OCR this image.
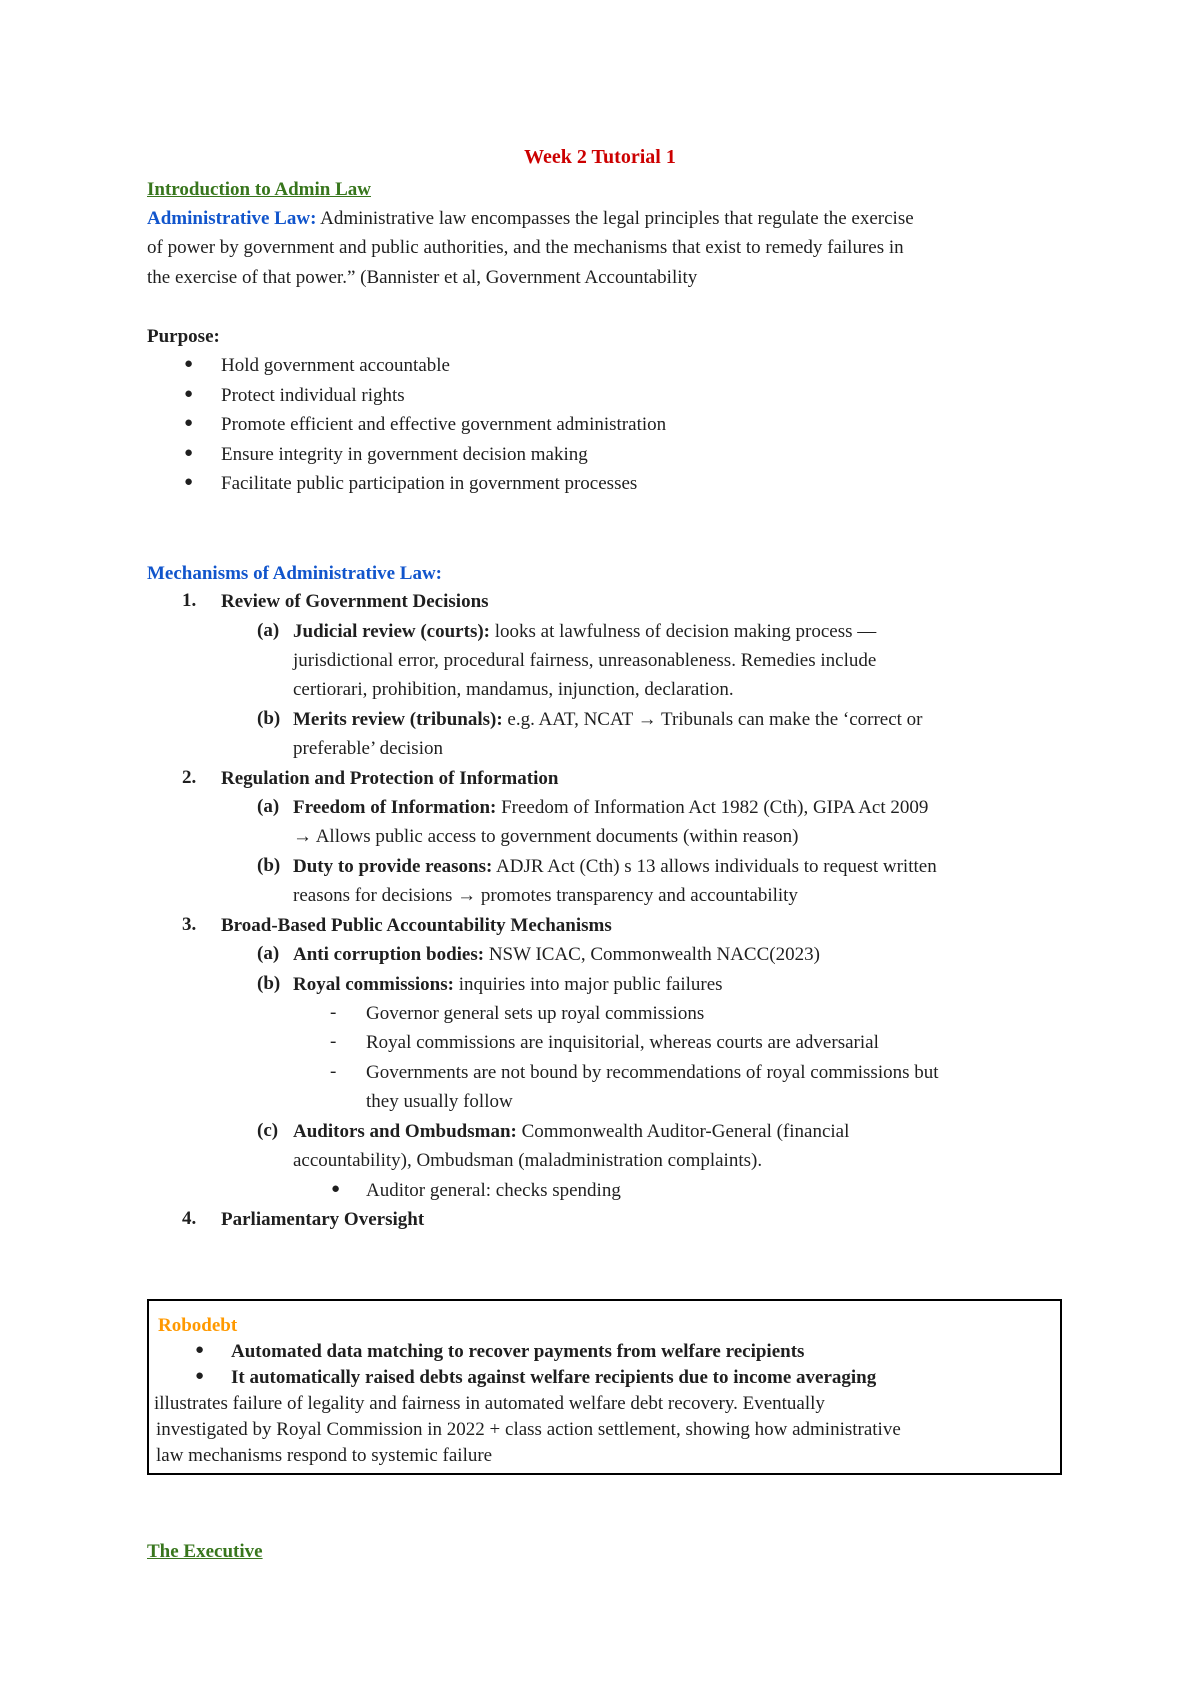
Week 2 Tutorial 1
Introduction to Admin Law
Administrative Law: Administrative law encompasses the legal principles that regulate the exercise
of power by government and public authorities, and the mechanisms that exist to remedy failures in
the exercise of that power.” (Bannister et al, Government Accountability
Purpose:
● Hold government accountable
● Protect individual rights
● Promote efficient and effective government administration
● Ensure integrity in government decision making
● Facilitate public participation in government processes
Mechanisms of Administrative Law:
1. Review of Government Decisions
(a) Judicial review (courts): looks at lawfulness of decision making process —
jurisdictional error, procedural fairness, unreasonableness. Remedies include
certiorari, prohibition, mandamus, injunction, declaration.
(b) Merits review (tribunals): e.g. AAT, NCAT → Tribunals can make the ‘correct or
preferable’ decision
2. Regulation and Protection of Information
(a) Freedom of Information: Freedom of Information Act 1982 (Cth), GIPA Act 2009
→ Allows public access to government documents (within reason)
(b) Duty to provide reasons: ADJR Act (Cth) s 13 allows individuals to request written
reasons for decisions → promotes transparency and accountability
3. Broad-Based Public Accountability Mechanisms
(a) Anti corruption bodies: NSW ICAC, Commonwealth NACC(2023)
(b) Royal commissions: inquiries into major public failures
- Governor general sets up royal commissions
- Royal commissions are inquisitorial, whereas courts are adversarial
- Governments are not bound by recommendations of royal commissions but
they usually follow
(c) Auditors and Ombudsman: Commonwealth Auditor-General (financial
accountability), Ombudsman (maladministration complaints).
● Auditor general: checks spending
4. Parliamentary Oversight
Robodebt
● Automated data matching to recover payments from welfare recipients
● It automatically raised debts against welfare recipients due to income averaging
illustrates failure of legality and fairness in automated welfare debt recovery. Eventually
investigated by Royal Commission in 2022 + class action settlement, showing how administrative
law mechanisms respond to systemic failure
The Executive
